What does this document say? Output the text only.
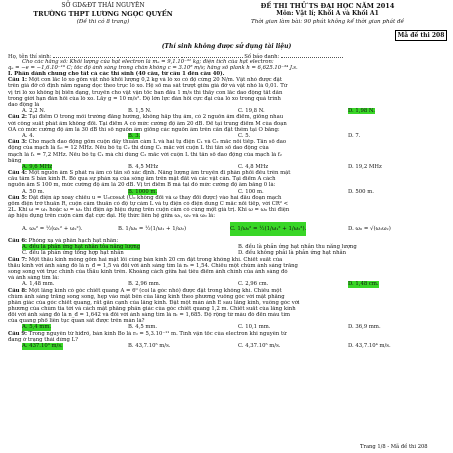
SỞ GD&ĐT THÁI NGUYÊN
TRƯỜNG THPT LƯƠNG NGỌC QUYẾN
(Đề thi có 8 trang)
ĐỀ THI THỬ TS ĐẠI HỌC NĂM 2014
Môn: Vật lí; Khối A và Khối A1
Thời gian làm bài: 90 phút không kể thời gian phát đề
Mã đề thi 208
(Thí sinh không được sử dụng tài liệu)
Họ, tên thí sinh:	Số báo danh:
Cho các hằng số: Khối lượng của hạt electron là mₑ = 9,1.10⁻³¹ kg; điện tích của hạt electron:
qₑ = −e = −1,6.10⁻¹⁹ C; tốc độ ánh sáng trong chân không c = 3.10⁸ m/s; hằng số plank h = 6,625.10⁻³⁴ J.s.
I. Phần dành chung cho tất cả các thí sinh (40 câu, từ câu 1 đến câu 40).
Câu 1: Một con lắc lò xo gồm vật nhỏ khối lượng 0,2 kg và lò xo có độ cứng 20 N/m. Vật nhỏ được đặt
trên giá đỡ cố định nằm ngang dọc theo trục lò xo. Hệ số ma sát trượt giữa giá đỡ và vật nhỏ là 0,01. Từ
vị trí lò xo không bị biến dạng, truyền cho vật vận tốc ban đầu 1 m/s thì thấy con lắc dao động tắt dần
trong giới hạn đàn hồi của lò xo. Lấy g = 10 m/s². Độ lớn lực đàn hồi cực đại của lò xo trong quá trình
dao động là
A. 2,2 N.	B. 1,5 N.	C. 19,8 N.	D. 1,98 N.
Câu 2: Tại điểm O trong môi trường đẳng hướng, không hấp thụ âm, có 2 nguồn âm điểm, giống nhau
với công suất phát âm không đổi. Tại điểm A có mức cường độ âm 20 dB. Để tại trung điểm M của đoạn
OA có mức cường độ âm là 30 dB thì số nguồn âm giống các nguồn âm trên cần đặt thêm tại O bằng:
A. 4.	B. 3.	C. 5.	D. 7.
Câu 3: Cho mạch dao động gồm cuộn dây thuần cảm L và hai tụ điện C₁ và C₂ mắc nối tiếp. Tần số dao
động của mạch là fₙₜ = 12 MHz. Nếu bỏ tụ C₂ thì dùng C₁ mắc với cuộn L thì tần số dao động của
mạch là f₁ = 7,2 MHz. Nếu bỏ tụ C₁ mà chỉ dùng C₂ mắc với cuộn L thì tần số dao động của mạch là f₂
bằng
A. 9,6 MHz	B. 4,5 MHz	C. 4,8 MHz	D. 19,2 MHz
Câu 4: Một nguồn âm S phát ra âm có tần số xác định. Năng lượng âm truyền đi phân phối đều trên mặt
cầu tâm S bán kính R. Bỏ qua sự phản xạ của sóng âm trên mặt đất và các vật cản. Tại điểm A cách
nguồn âm S 100 m, mức cường độ âm là 20 dB. Vị trí điểm B mà tại đó mức cường độ âm bằng 0 là:
A. 50 m.	B. 1000 m.	C. 100 m.	D. 500 m.
Câu 5: Đặt điện áp xoay chiều u = U₀cosωt (U₀ không đổi và ω thay đổi được) vào hai đầu đoạn mạch
gồm điện trở thuần R, cuộn cảm thuần có độ tự cảm L và tụ điện có điện dung C mắc nối tiếp, với CR² <
2L. Khi ω = ω₁ hoặc ω = ω₂ thì điện áp hiệu dụng trên cuộn cảm có cùng một giá trị. Khi ω = ω₀ thì điện
áp hiệu dụng trên cuộn cảm đạt cực đại. Hệ thức liên hệ giữa ω₁, ω₂ và ω₀ là:
A. ω₀² = ½(ω₁² + ω₂²).	B. 1/ω₀ = ½(1/ω₁ + 1/ω₂)	C. 1/ω₀² = ½(1/ω₁² + 1/ω₂²).	D. ω₀ = √(ω₁ω₂)
Câu 6: Phóng xạ và phân hạch hạt nhân:
A. đều là phản ứng hạt nhân tỏa năng lượng	B. đều là phản ứng hạt nhân thu năng lượng
C. đều là phản ứng tổng hợp hạt nhân	D. đều không phải là phản ứng hạt nhân
Câu 7: Một thấu kính mỏng gồm hai mặt lồi cùng bán kính 20 cm đặt trong không khí. Chiết suất của
thấu kính với ánh sáng đỏ là n_đ = 1,5 và đối với ánh sáng tím là nₜ = 1,54. Chiếu một chùm ánh sáng trắng
song song với trục chính của thấu kính trên. Khoảng cách giữa hai tiêu điểm ảnh chính của ánh sáng đỏ
và ánh sáng tím là:
A. 1,48 mm.	B. 2,96 mm.	C. 2,96 cm.	D. 1,48 cm.
Câu 8: Một lăng kính có góc chiết quang A = 6⁰ (coi là góc nhỏ) được đặt trong không khí. Chiếu một
chùm ánh sáng trắng song song, hẹp vào mặt bên của lăng kính theo phương vuông góc với mặt phẳng
phân giác của góc chiết quang, rất gần cạnh của lăng kính. Đặt một màn ảnh E sau lăng kính, vuông góc với
phương của chùm tia tới và cách mặt phẳng phân giác của góc chiết quang 1,2 m. Chiết suất của lăng kính
đối với ánh sáng đỏ là n_đ = 1,642 và đối với ánh sáng tím là nₜ = 1,685. Độ rộng từ màu đỏ đến màu tím
của quang phổ liên tục quan sát được trên màn là?
A. 5,4 mm.	B. 4,5 mm.	C. 10,1 mm.	D. 36,9 mm.
Câu 9: Trong nguyên tử hiđrô, bán kính Bo là r₀ = 5,3.10⁻¹¹ m. Tính vận tốc của electron khi nguyên tử
đang ở trạng thái dừng L?
A. 437.10³ m/s.	B. 43,7.10⁵ m/s.	C. 4,37.10⁵ m/s.	D. 43,7.10⁴ m/s.
Trang 1/8 - Mã đề thi 208
